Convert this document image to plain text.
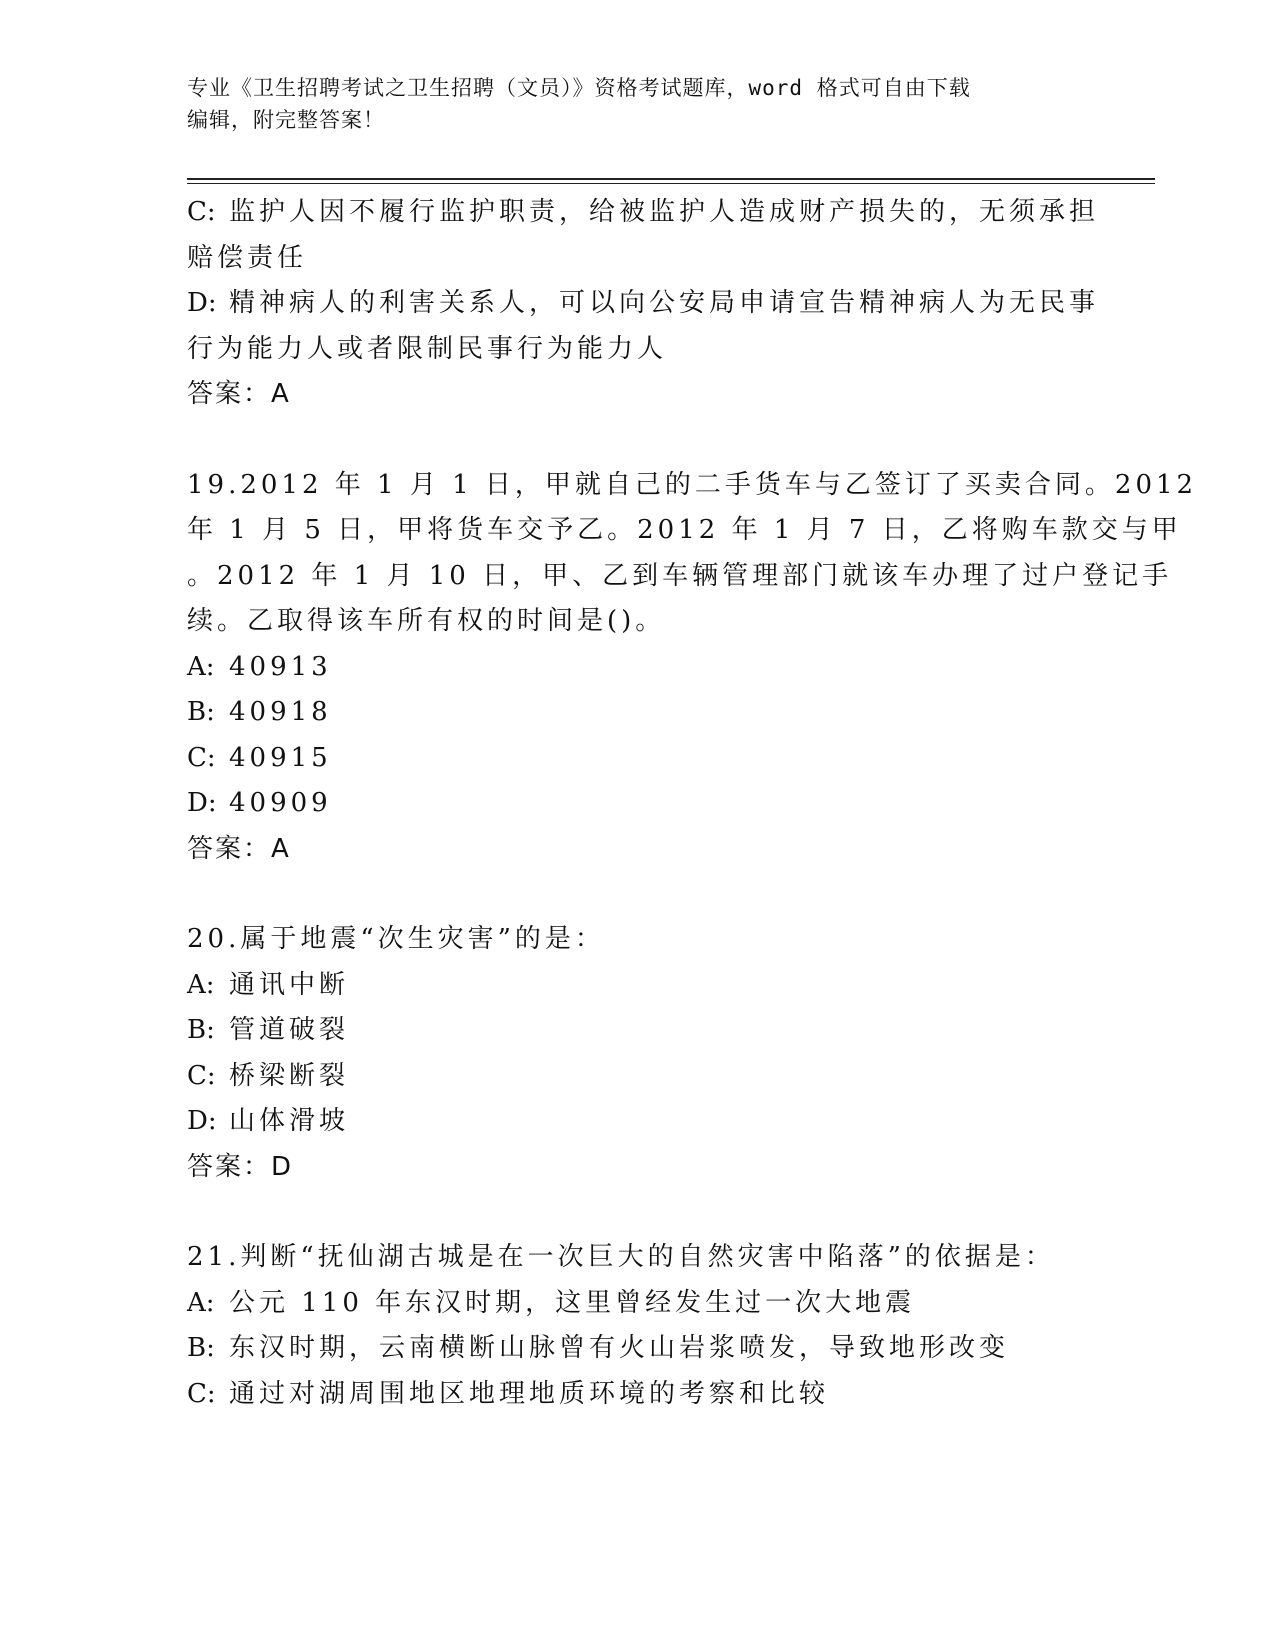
专业《卫生招聘考试之卫生招聘（文员）》资格考试题库，word 格式可自由下载
编辑，附完整答案！
C: 监护人因不履行监护职责，给被监护人造成财产损失的，无须承担
赔偿责任
D: 精神病人的利害关系人，可以向公安局申请宣告精神病人为无民事
行为能力人或者限制民事行为能力人
答案：A
19.2012 年 1 月 1 日，甲就自己的二手货车与乙签订了买卖合同。2012
年 1 月 5 日，甲将货车交予乙。2012 年 1 月 7 日，乙将购车款交与甲
。2012 年 1 月 10 日，甲、乙到车辆管理部门就该车办理了过户登记手
续。乙取得该车所有权的时间是()。
A: 40913
B: 40918
C: 40915
D: 40909
答案：A
20.属于地震“次生灾害”的是：
A: 通讯中断
B: 管道破裂
C: 桥梁断裂
D: 山体滑坡
答案：D
21.判断“抚仙湖古城是在一次巨大的自然灾害中陷落”的依据是：
A: 公元 110 年东汉时期，这里曾经发生过一次大地震
B: 东汉时期，云南横断山脉曾有火山岩浆喷发，导致地形改变
C: 通过对湖周围地区地理地质环境的考察和比较
